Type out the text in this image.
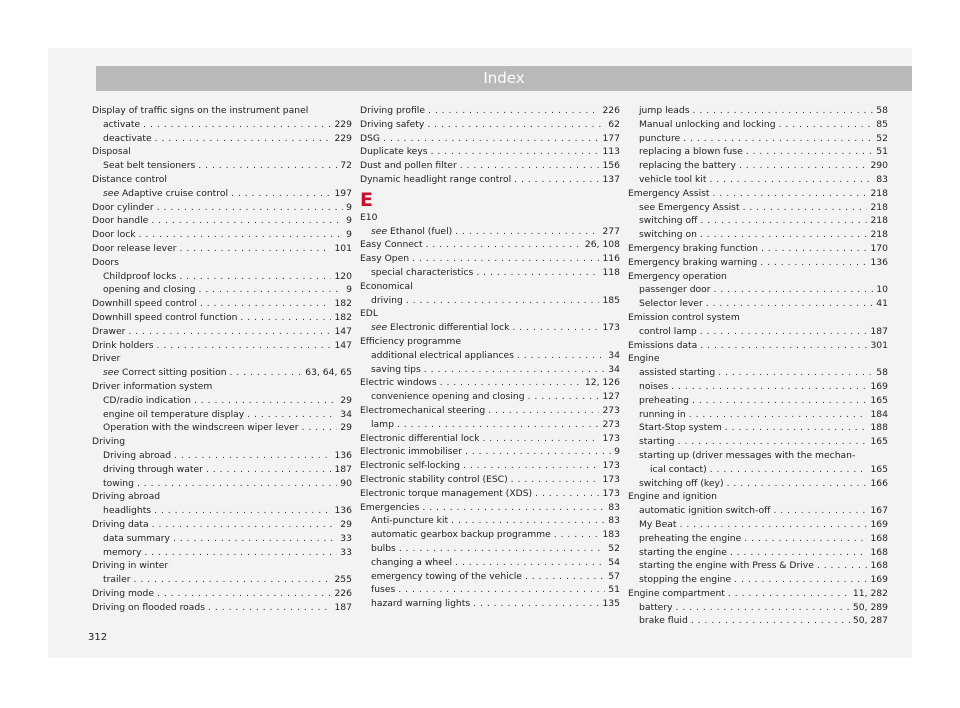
Index
Display of traffic signs on the instrument panel
activate . . .	229
deactivate . . .	229
Disposal
Seat belt tensioners . . .	72
Distance control
see Adaptive cruise control . . .	197
Door cylinder . . .	9
Door handle . . .	9
Door lock . . .	9
Door release lever . . .	101
Doors
Childproof locks . . .	120
opening and closing . . .	9
Downhill speed control . . .	182
Downhill speed control function . . .	182
Drawer . . .	147
Drink holders . . .	147
Driver
see Correct sitting position . . .	63, 64, 65
Driver information system
CD/radio indication . . .	29
engine oil temperature display . . .	34
Operation with the windscreen wiper lever . . .	29
Driving
Driving abroad . . .	136
driving through water . . .	187
towing . . .	90
Driving abroad
headlights . . .	136
Driving data . . .	29
data summary . . .	33
memory . . .	33
Driving in winter
trailer . . .	255
Driving mode . . .	226
Driving on flooded roads . . .	187
Driving profile . . .	226
Driving safety . . .	62
DSG . . .	177
Duplicate keys . . .	113
Dust and pollen filter . . .	156
Dynamic headlight range control . . .	137
E
E10
see Ethanol (fuel) . . .	277
Easy Connect . . .	26, 108
Easy Open . . .	116
special characteristics . . .	118
Economical
driving . . .	185
EDL
see Electronic differential lock . . .	173
Efficiency programme
additional electrical appliances . . .	34
saving tips . . .	34
Electric windows . . .	12, 126
convenience opening and closing . . .	127
Electromechanical steering . . .	273
lamp . . .	273
Electronic differential lock . . .	173
Electronic immobiliser . . .	9
Electronic self-locking . . .	173
Electronic stability control (ESC) . . .	173
Electronic torque management (XDS) . . .	173
Emergencies . . .	83
Anti-puncture kit . . .	83
automatic gearbox backup programme . . .	183
bulbs . . .	52
changing a wheel . . .	54
emergency towing of the vehicle . . .	57
fuses . . .	51
hazard warning lights . . .	135
jump leads . . .	58
Manual unlocking and locking . . .	85
puncture . . .	52
replacing a blown fuse . . .	51
replacing the battery . . .	290
vehicle tool kit . . .	83
Emergency Assist . . .	218
see Emergency Assist . . .	218
switching off . . .	218
switching on . . .	218
Emergency braking function . . .	170
Emergency braking warning . . .	136
Emergency operation
passenger door . . .	10
Selector lever . . .	41
Emission control system
control lamp . . .	187
Emissions data . . .	301
Engine
assisted starting . . .	58
noises . . .	169
preheating . . .	165
running in . . .	184
Start-Stop system . . .	188
starting . . .	165
starting up (driver messages with the mechan-
ical contact) . . .	165
switching off (key) . . .	166
Engine and ignition
automatic ignition switch-off . . .	167
My Beat . . .	169
preheating the engine . . .	168
starting the engine . . .	168
starting the engine with Press & Drive . . .	168
stopping the engine . . .	169
Engine compartment . . .	11, 282
battery . . .	50, 289
brake fluid . . .	50, 287
312
